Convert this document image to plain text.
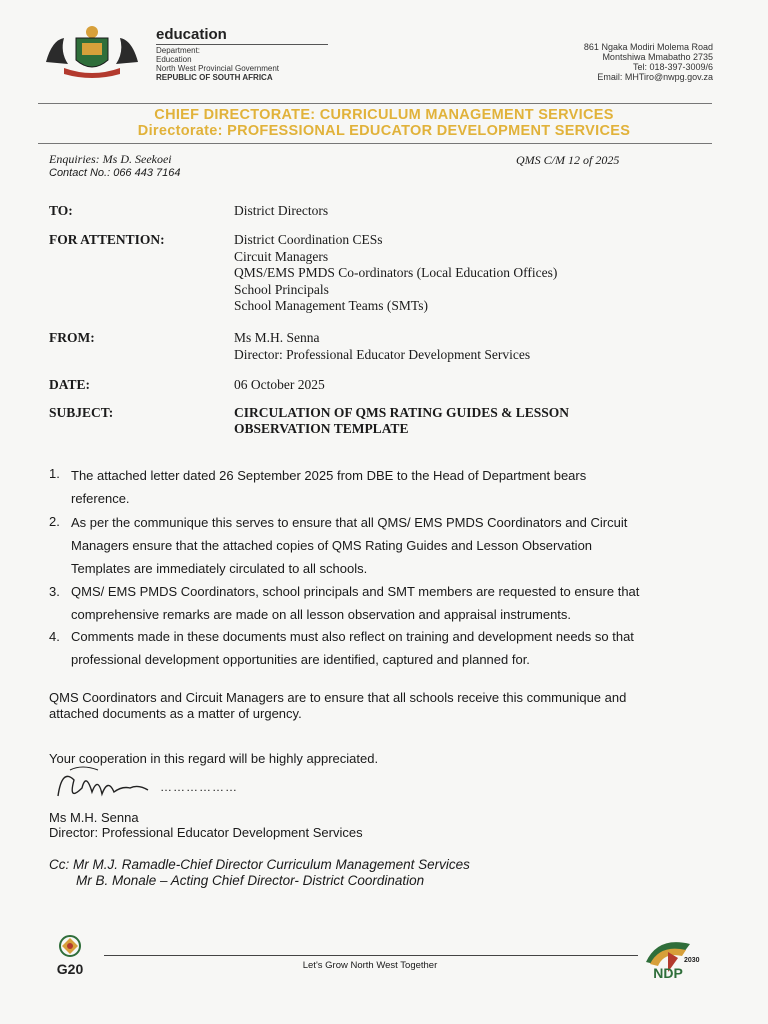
education
Department:
Education
North West Provincial Government
REPUBLIC OF SOUTH AFRICA
861 Ngaka Modiri Molema Road
Montshiwa Mmabatho 2735
Tel: 018-397-3009/6
Email: MHTiro@nwpg.gov.za
CHIEF DIRECTORATE: CURRICULUM MANAGEMENT SERVICES
Directorate: PROFESSIONAL EDUCATOR DEVELOPMENT SERVICES
Enquiries: Ms D. Seekoei
Contact No.: 066 443 7164
QMS C/M 12 of 2025
TO:	District Directors
FOR ATTENTION:	District Coordination CESs
Circuit Managers
QMS/EMS PMDS Co-ordinators (Local Education Offices)
School Principals
School Management Teams (SMTs)
FROM:	Ms M.H. Senna
Director: Professional Educator Development Services
DATE:	06 October 2025
SUBJECT:	CIRCULATION OF QMS RATING GUIDES & LESSON
OBSERVATION TEMPLATE
1. The attached letter dated 26 September 2025 from DBE to the Head of Department bears
reference.
2. As per the communique this serves to ensure that all QMS/ EMS PMDS Coordinators and Circuit
Managers ensure that the attached copies of QMS Rating Guides and Lesson Observation
Templates are immediately circulated to all schools.
3. QMS/ EMS PMDS Coordinators, school principals and SMT members are requested to ensure that
comprehensive remarks are made on all lesson observation and appraisal instruments.
4. Comments made in these documents must also reflect on training and development needs so that
professional development opportunities are identified, captured and planned for.
QMS Coordinators and Circuit Managers are to ensure that all schools receive this communique and
attached documents as a matter of urgency.
Your cooperation in this regard will be highly appreciated.
………………
Ms M.H. Senna
Director: Professional Educator Development Services
Cc: Mr M.J. Ramadle-Chief Director Curriculum Management Services
Mr B. Monale – Acting Chief Director- District Coordination
G20	Let's Grow North West Together	2030
NDP
